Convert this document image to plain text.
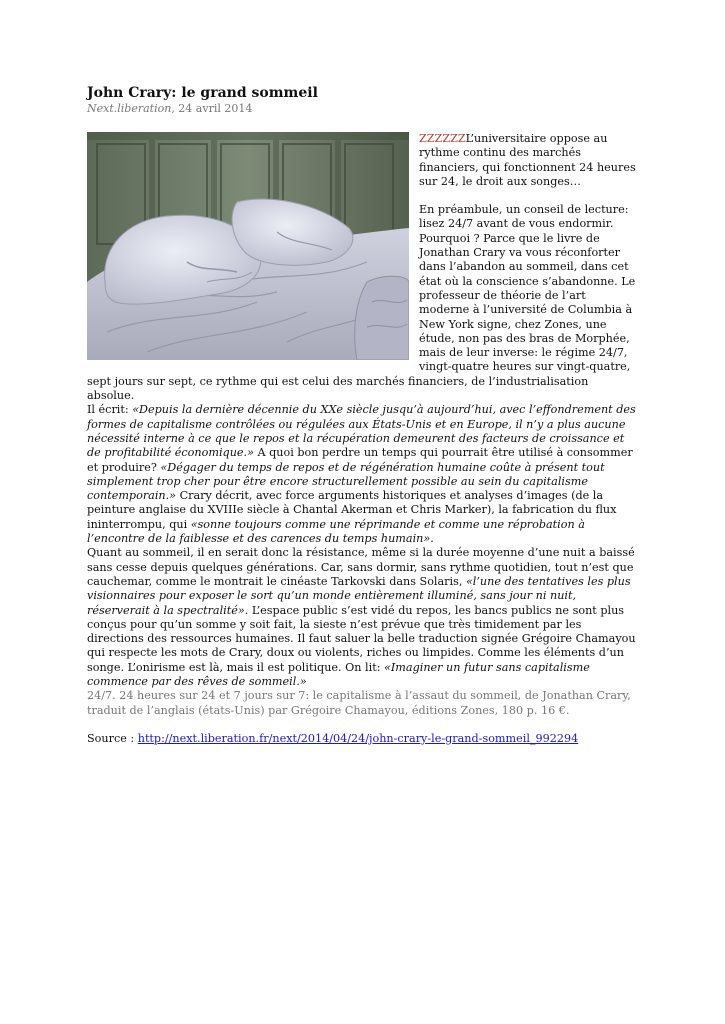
John Crary: le grand sommeil

Next.liberation, 24 avril 2014

ZZZZZZL’universitaire oppose au rythme continu des marchés financiers, qui fonctionnent 24 heures sur 24, le droit aux songes…

En préambule, un conseil de lecture: lisez 24/7 avant de vous endormir. Pourquoi ? Parce que le livre de Jonathan Crary va vous réconforter dans l’abandon au sommeil, dans cet état où la conscience s’abandonne. Le professeur de théorie de l’art moderne à l’université de Columbia à New York signe, chez Zones, une étude, non pas des bras de Morphée, mais de leur inverse: le régime 24/7, vingt-quatre heures sur vingt-quatre, sept jours sur sept, ce rythme qui est celui des marchés financiers, de l’industrialisation absolue.

Il écrit: «Depuis la dernière décennie du XXe siècle jusqu’à aujourd’hui, avec l’effondrement des formes de capitalisme contrôlées ou régulées aux États-Unis et en Europe, il n’y a plus aucune nécessité interne à ce que le repos et la récupération demeurent des facteurs de croissance et de profitabilité économique.» A quoi bon perdre un temps qui pourrait être utilisé à consommer et produire? «Dégager du temps de repos et de régénération humaine coûte à présent tout simplement trop cher pour être encore structurellement possible au sein du capitalisme contemporain.» Crary décrit, avec force arguments historiques et analyses d’images (de la peinture anglaise du XVIIIe siècle à Chantal Akerman et Chris Marker), la fabrication du flux ininterrompu, qui «sonne toujours comme une réprimande et comme une réprobation à l’encontre de la faiblesse et des carences du temps humain».

Quant au sommeil, il en serait donc la résistance, même si la durée moyenne d’une nuit a baissé sans cesse depuis quelques générations. Car, sans dormir, sans rythme quotidien, tout n’est que cauchemar, comme le montrait le cinéaste Tarkovski dans Solaris, «l’une des tentatives les plus visionnaires pour exposer le sort qu’un monde entièrement illuminé, sans jour ni nuit, réserverait à la spectralité». L’espace public s’est vidé du repos, les bancs publics ne sont plus conçus pour qu’un somme y soit fait, la sieste n’est prévue que très timidement par les directions des ressources humaines. Il faut saluer la belle traduction signée Grégoire Chamayou qui respecte les mots de Crary, doux ou violents, riches ou limpides. Comme les éléments d’un songe. L’onirisme est là, mais il est politique. On lit: «Imaginer un futur sans capitalisme commence par des rêves de sommeil.»

24/7. 24 heures sur 24 et 7 jours sur 7: le capitalisme à l’assaut du sommeil, de Jonathan Crary, traduit de l’anglais (états-Unis) par Grégoire Chamayou, éditions Zones, 180 p. 16 €.

Source : http://next.liberation.fr/next/2014/04/24/john-crary-le-grand-sommeil_992294
